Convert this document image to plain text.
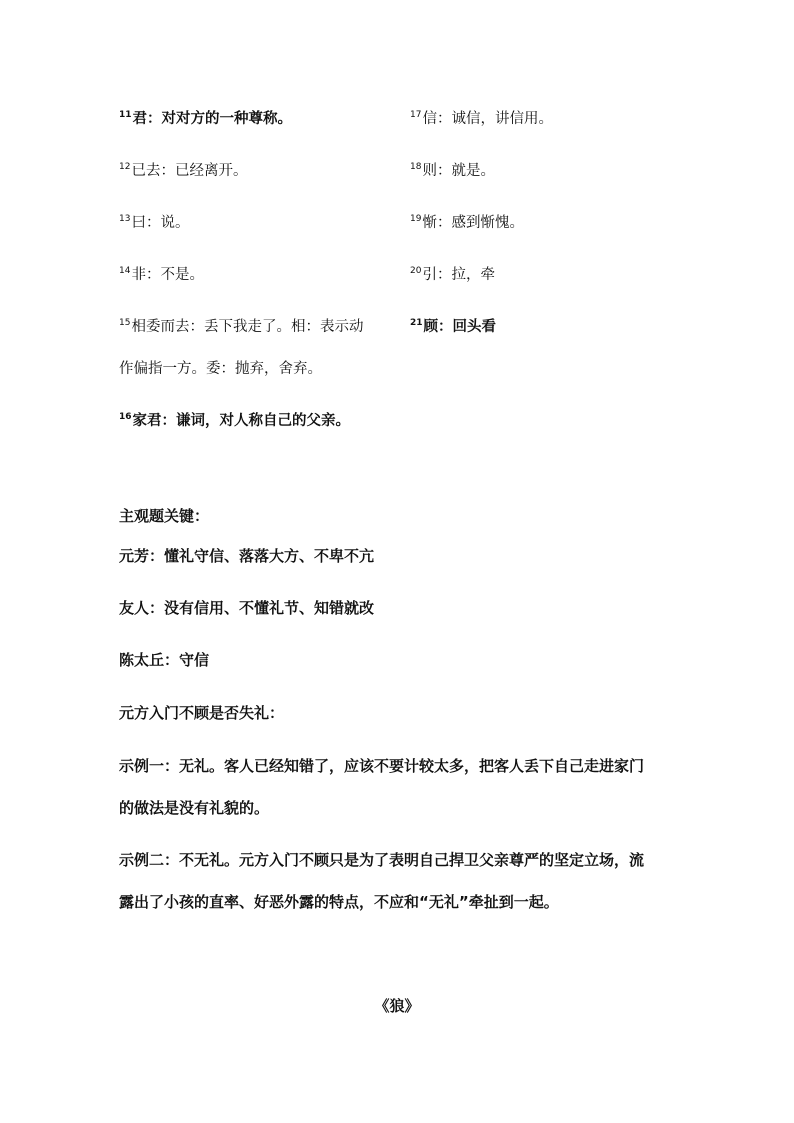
$^{11}$君：对对方的一种尊称。
$^{12}$已去：已经离开。
$^{13}$曰：说。
$^{14}$非：不是。
$^{15}$相委而去：丢下我走了。相：表示动
作偏指一方。委：抛弃，舍弃。
$^{16}$家君：谦词，对人称自己的父亲。
$^{17}$信：诚信，讲信用。
$^{18}$则：就是。
$^{19}$惭：感到惭愧。
$^{20}$引：拉，牵
$^{21}$顾：回头看
主观题关键：
元芳：懂礼守信、落落大方、不卑不亢
友人：没有信用、不懂礼节、知错就改
陈太丘：守信
元方入门不顾是否失礼：
示例一：无礼。客人已经知错了，应该不要计较太多，把客人丢下自己走进家门
的做法是没有礼貌的。
示例二：不无礼。元方入门不顾只是为了表明自己捍卫父亲尊严的坚定立场，流
露出了小孩的直率、好恶外露的特点，不应和“无礼”牵扯到一起。
《狼》
